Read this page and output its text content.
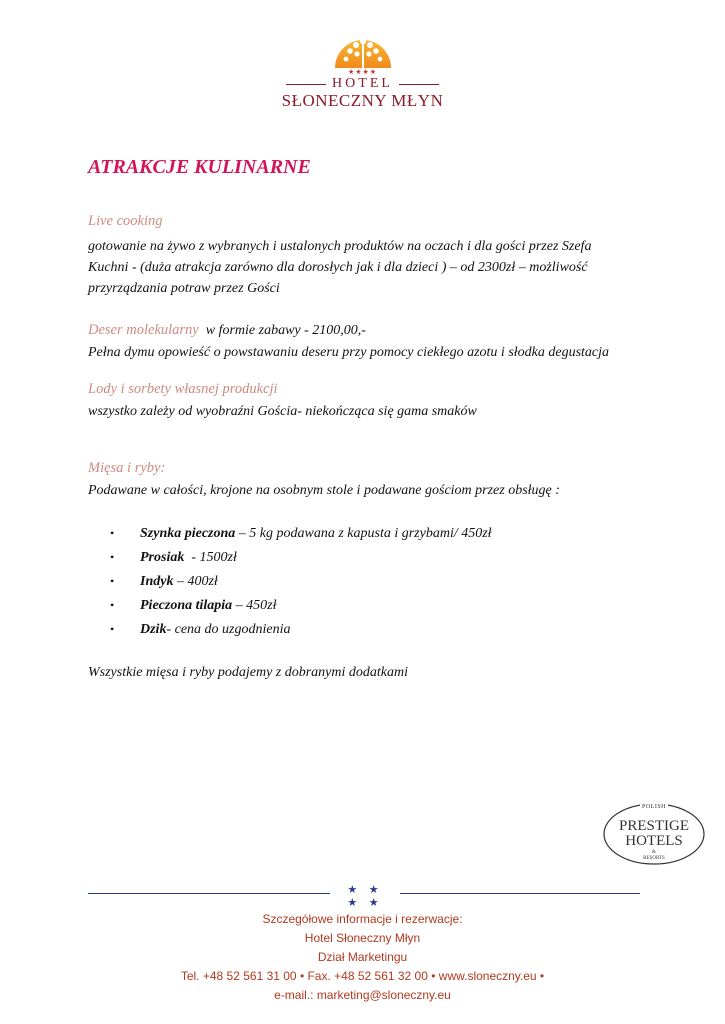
★★★★
HOTEL
SŁONECZNY MŁYN
ATRAKCJE KULINARNE
Live cooking
gotowanie na żywo z wybranych i ustalonych produktów na oczach i dla gości przez Szefa
Kuchni - (duża atrakcja zarówno dla dorosłych jak i dla dzieci ) – od 2300zł – możliwość
przyrządzania potraw przez Gości
Deser molekularny  w formie zabawy - 2100,00,-
Pełna dymu opowieść o powstawaniu deseru przy pomocy ciekłego azotu i słodka degustacja
Lody i sorbety własnej produkcji
wszystko zależy od wyobraźni Gościa- niekończąca się gama smaków
Mięsa i ryby:
Podawane w całości, krojone na osobnym stole i podawane gościom przez obsługę :
• Szynka pieczona – 5 kg podawana z kapusta i grzybami/ 450zł
• Prosiak  - 1500zł
• Indyk – 400zł
• Pieczona tilapia – 450zł
• Dzik- cena do uzgodnienia
Wszystkie mięsa i ryby podajemy z dobranymi dodatkami
POLISH
PRESTIGE
HOTELS
&
RESORTS
★ ★ ★ ★
Szczegółowe informacje i rezerwacje:
Hotel Słoneczny Młyn
Dział Marketingu
Tel. +48 52 561 31 00 • Fax. +48 52 561 32 00 • www.sloneczny.eu •
e-mail.: marketing@sloneczny.eu
